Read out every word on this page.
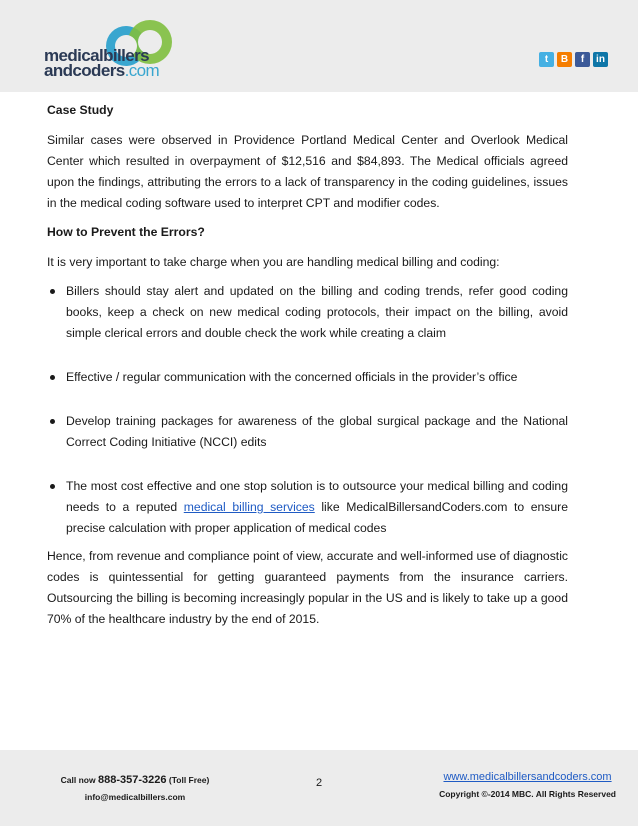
medicalbillers
andcoders.com
t	B	f	in

Case Study

Similar cases were observed in Providence Portland Medical Center and Overlook Medical Center which resulted in overpayment of $12,516 and $84,893. The Medical officials agreed upon the findings, attributing the errors to a lack of transparency in the coding guidelines, issues in the medical coding software used to interpret CPT and modifier codes.

How to Prevent the Errors?

It is very important to take charge when you are handling medical billing and coding:

Billers should stay alert and updated on the billing and coding trends, refer good coding books, keep a check on new medical coding protocols, their impact on the billing, avoid simple clerical errors and double check the work while creating a claim
Effective / regular communication with the concerned officials in the provider’s office
Develop training packages for awareness of the global surgical package and the National Correct Coding Initiative (NCCI) edits
The most cost effective and one stop solution is to outsource your medical billing and coding needs to a reputed medical billing services like MedicalBillersandCoders.com to ensure precise calculation with proper application of medical codes

Hence, from revenue and compliance point of view, accurate and well-informed use of diagnostic codes is quintessential for getting guaranteed payments from the insurance carriers. Outsourcing the billing is becoming increasingly popular in the US and is likely to take up a good 70% of the healthcare industry by the end of 2015.

Call now 888-357-3226 (Toll Free)
info@medicalbillers.com
2	www.medicalbillersandcoders.com
Copyright ©-2014 MBC. All Rights Reserved
